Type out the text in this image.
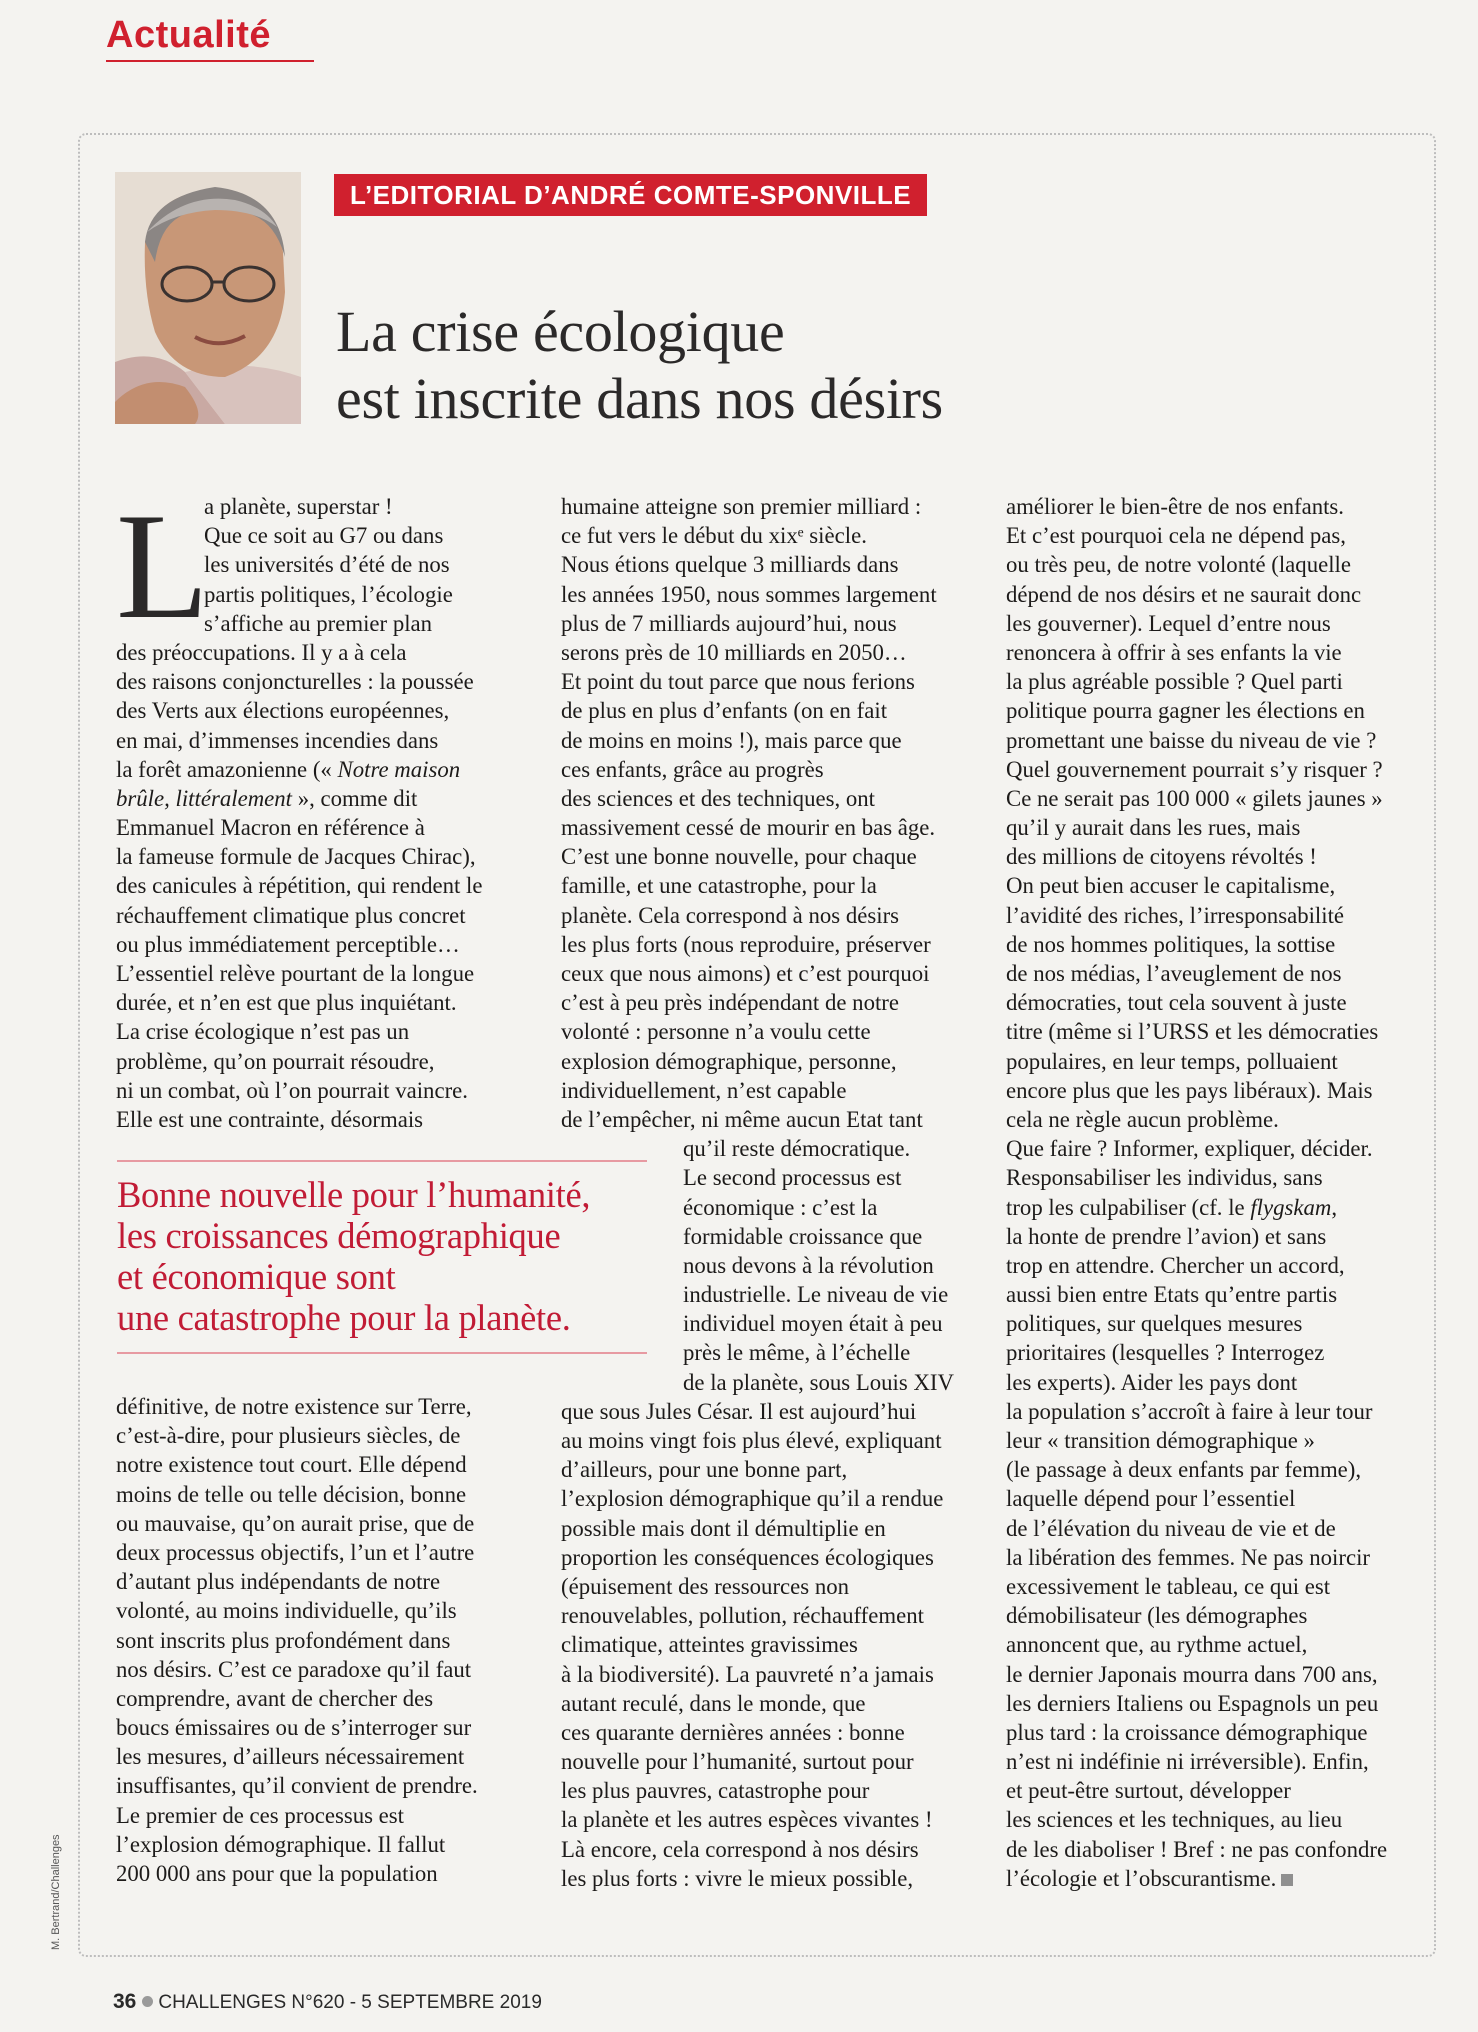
Actualité
L’EDITORIAL D’ANDRÉ COMTE-SPONVILLE
La crise écologique
est inscrite dans nos désirs
L
a planète, superstar !
Que ce soit au G7 ou dans
les universités d’été de nos
partis politiques, l’écologie
s’affiche au premier plan
des préoccupations. Il y a à cela
des raisons conjoncturelles : la poussée
des Verts aux élections européennes,
en mai, d’immenses incendies dans
la forêt amazonienne (« Notre maison
brûle, littéralement », comme dit
Emmanuel Macron en référence à
la fameuse formule de Jacques Chirac),
des canicules à répétition, qui rendent le
réchauffement climatique plus concret
ou plus immédiatement perceptible…
L’essentiel relève pourtant de la longue
durée, et n’en est que plus inquiétant.
La crise écologique n’est pas un
problème, qu’on pourrait résoudre,
ni un combat, où l’on pourrait vaincre.
Elle est une contrainte, désormais
Bonne nouvelle pour l’humanité,
les croissances démographique
et économique sont
une catastrophe pour la planète.
définitive, de notre existence sur Terre,
c’est-à-dire, pour plusieurs siècles, de
notre existence tout court. Elle dépend
moins de telle ou telle décision, bonne
ou mauvaise, qu’on aurait prise, que de
deux processus objectifs, l’un et l’autre
d’autant plus indépendants de notre
volonté, au moins individuelle, qu’ils
sont inscrits plus profondément dans
nos désirs. C’est ce paradoxe qu’il faut
comprendre, avant de chercher des
boucs émissaires ou de s’interroger sur
les mesures, d’ailleurs nécessairement
insuffisantes, qu’il convient de prendre.
Le premier de ces processus est
l’explosion démographique. Il fallut
200 000 ans pour que la population
humaine atteigne son premier milliard :
ce fut vers le début du xixᵉ siècle.
Nous étions quelque 3 milliards dans
les années 1950, nous sommes largement
plus de 7 milliards aujourd’hui, nous
serons près de 10 milliards en 2050…
Et point du tout parce que nous ferions
de plus en plus d’enfants (on en fait
de moins en moins !), mais parce que
ces enfants, grâce au progrès
des sciences et des techniques, ont
massivement cessé de mourir en bas âge.
C’est une bonne nouvelle, pour chaque
famille, et une catastrophe, pour la
planète. Cela correspond à nos désirs
les plus forts (nous reproduire, préserver
ceux que nous aimons) et c’est pourquoi
c’est à peu près indépendant de notre
volonté : personne n’a voulu cette
explosion démographique, personne,
individuellement, n’est capable
de l’empêcher, ni même aucun Etat tant
qu’il reste démocratique.
Le second processus est
économique : c’est la
formidable croissance que
nous devons à la révolution
industrielle. Le niveau de vie
individuel moyen était à peu
près le même, à l’échelle
de la planète, sous Louis XIV
que sous Jules César. Il est aujourd’hui
au moins vingt fois plus élevé, expliquant
d’ailleurs, pour une bonne part,
l’explosion démographique qu’il a rendue
possible mais dont il démultiplie en
proportion les conséquences écologiques
(épuisement des ressources non
renouvelables, pollution, réchauffement
climatique, atteintes gravissimes
à la biodiversité). La pauvreté n’a jamais
autant reculé, dans le monde, que
ces quarante dernières années : bonne
nouvelle pour l’humanité, surtout pour
les plus pauvres, catastrophe pour
la planète et les autres espèces vivantes !
Là encore, cela correspond à nos désirs
les plus forts : vivre le mieux possible,
améliorer le bien-être de nos enfants.
Et c’est pourquoi cela ne dépend pas,
ou très peu, de notre volonté (laquelle
dépend de nos désirs et ne saurait donc
les gouverner). Lequel d’entre nous
renoncera à offrir à ses enfants la vie
la plus agréable possible ? Quel parti
politique pourra gagner les élections en
promettant une baisse du niveau de vie ?
Quel gouvernement pourrait s’y risquer ?
Ce ne serait pas 100 000 « gilets jaunes »
qu’il y aurait dans les rues, mais
des millions de citoyens révoltés !
On peut bien accuser le capitalisme,
l’avidité des riches, l’irresponsabilité
de nos hommes politiques, la sottise
de nos médias, l’aveuglement de nos
démocraties, tout cela souvent à juste
titre (même si l’URSS et les démocraties
populaires, en leur temps, polluaient
encore plus que les pays libéraux). Mais
cela ne règle aucun problème.
Que faire ? Informer, expliquer, décider.
Responsabiliser les individus, sans
trop les culpabiliser (cf. le flygskam,
la honte de prendre l’avion) et sans
trop en attendre. Chercher un accord,
aussi bien entre Etats qu’entre partis
politiques, sur quelques mesures
prioritaires (lesquelles ? Interrogez
les experts). Aider les pays dont
la population s’accroît à faire à leur tour
leur « transition démographique »
(le passage à deux enfants par femme),
laquelle dépend pour l’essentiel
de l’élévation du niveau de vie et de
la libération des femmes. Ne pas noircir
excessivement le tableau, ce qui est
démobilisateur (les démographes
annoncent que, au rythme actuel,
le dernier Japonais mourra dans 700 ans,
les derniers Italiens ou Espagnols un peu
plus tard : la croissance démographique
n’est ni indéfinie ni irréversible). Enfin,
et peut-être surtout, développer
les sciences et les techniques, au lieu
de les diaboliser ! Bref : ne pas confondre
l’écologie et l’obscurantisme.
M. Bertrand/Challenges
36 CHALLENGES N°620 - 5 SEPTEMBRE 2019
